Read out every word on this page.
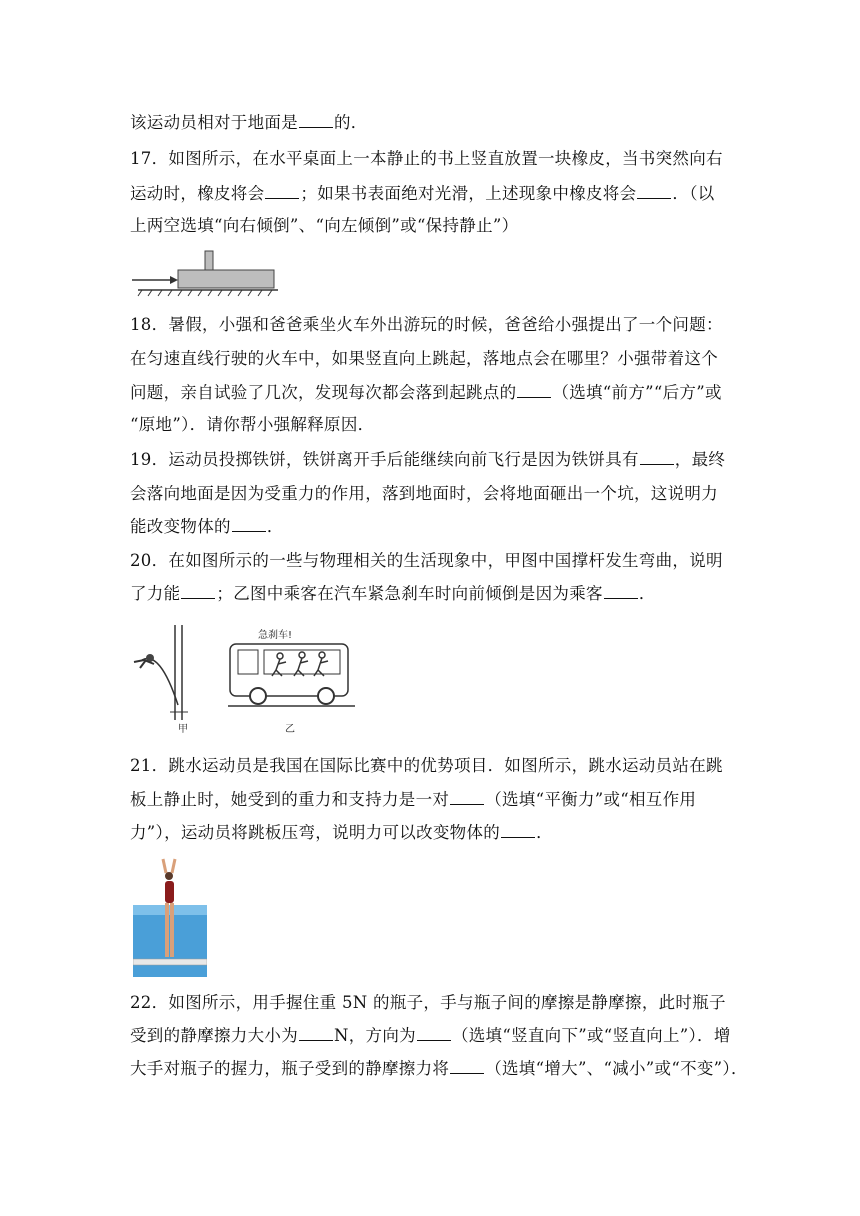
该运动员相对于地面是 的．
17．如图所示，在水平桌面上一本静止的书上竖直放置一块橡皮，当书突然向右
运动时，橡皮将会 ；如果书表面绝对光滑，上述现象中橡皮将会 ．（以
上两空选填“向右倾倒”、“向左倾倒”或“保持静止”）
18．暑假，小强和爸爸乘坐火车外出游玩的时候，爸爸给小强提出了一个问题：
在匀速直线行驶的火车中，如果竖直向上跳起，落地点会在哪里？小强带着这个
问题，亲自试验了几次，发现每次都会落到起跳点的 （选填“前方”“后方”或
“原地”）．请你帮小强解释原因．
19．运动员投掷铁饼，铁饼离开手后能继续向前飞行是因为铁饼具有 ，最终
会落向地面是因为受重力的作用，落到地面时，会将地面砸出一个坑，这说明力
能改变物体的 ．
20．在如图所示的一些与物理相关的生活现象中，甲图中国撑杆发生弯曲，说明
了力能 ；乙图中乘客在汽车紧急刹车时向前倾倒是因为乘客 ．
甲
急刹车!
乙
21．跳水运动员是我国在国际比赛中的优势项目．如图所示，跳水运动员站在跳
板上静止时，她受到的重力和支持力是一对 （选填“平衡力”或“相互作用
力”），运动员将跳板压弯，说明力可以改变物体的 ．
22．如图所示，用手握住重 5N 的瓶子，手与瓶子间的摩擦是静摩擦，此时瓶子
受到的静摩擦力大小为 N，方向为 （选填“竖直向下”或“竖直向上”）．增
大手对瓶子的握力，瓶子受到的静摩擦力将 （选填“增大”、“减小”或“不变”）．
